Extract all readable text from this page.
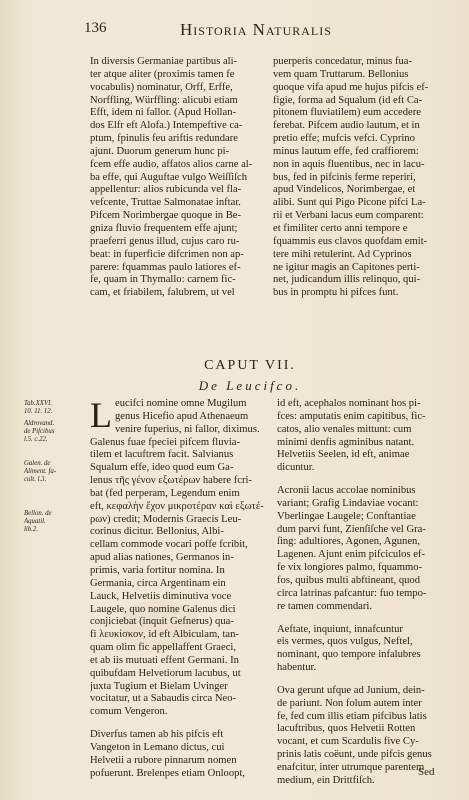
136	Historia Naturalis
In diversis Germaniae partibus ali-
ter atque aliter (proximis tamen fe
vocabulis) nominatur, Orff, Erffe,
Norffling, Würffling: alicubi etiam
Efft, idem ni fallor. (Apud Hollan-
dos Elfr eft Alofa.) Intempeftive ca-
ptum, fpinulis feu ariftis redundare
ajunt. Duorum generum hunc pi-
fcem effe audio, affatos alios carne al-
ba effe, qui Auguftae vulgo Weiſſiſch
appellentur: alios rubicunda vel fla-
vefcente, Truttae Salmonatae inftar.
Pifcem Norimbergae quoque in Be-
gniza fluvio frequentem effe ajunt;
praeferri genus illud, cujus caro ru-
beat: in fuperficie difcrimen non ap-
parere: fquammas paulo latiores ef-
fe, quam in Thymallo: carnem fic-
cam, et friabilem, falubrem, ut vel
puerperis concedatur, minus fua-
vem quam Truttarum. Bellonius
quoque vifa apud me hujus pifcis ef-
figie, forma ad Squalum (id eft Ca-
pitonem fluviatilem) eum accedere
ferebat. Pifcem audio lautum, et in
pretio effe; mufcis vefci. Cyprino
minus lautum effe, fed craffiorem:
non in aquis fluentibus, nec in lacu-
bus, fed in pifcinis ferme reperiri,
apud Vindelicos, Norimbergae, et
alibi. Sunt qui Pigo Picone pifci La-
rii et Verbani lacus eum comparent:
et fimiliter certo anni tempore e
fquammis eus clavos quofdam emit-
tere mihi retulerint. Ad Cyprinos
ne igitur magis an Capitones perti-
net, judicandum illis relinquo, qui-
bus in promptu hi pifces funt.
CAPUT VII.
De Leucifco.
Tab.XXVI.
10. 11. 12.
Aldrovand.
de Pifcibus
l.5. c.22.
Galen. de
Aliment. fa-
cult. l.3.
Bellon. de
Aquatil.
lib.2.
L eucifci nomine omne Mugilum
genus Hicefio apud Athenaeum
venire fuperius, ni fallor, diximus.
Galenus fuae fpeciei pifcem fluvia-
tilem et lacuftrem facit. Salvianus
Squalum effe, ideo quod eum Ga-
lenus τῆς γένον εξωτέρων habere fcri-
bat (fed perperam, Legendum enim
eft, κεφαλὴν ἔχον μικροτέραν καὶ εξωτέ-
ρων) credit; Modernis Graecis Leu-
corinus dicitur. Bellonius, Albi-
cellam commode vocari poffe fcribit,
apud alias nationes, Germanos in-
primis, varia fortitur nomina. In
Germania, circa Argentinam ein
Lauck, Helvetiis diminutiva voce
Laugele, quo nomine Galenus dici
conjiciebat (inquit Gefnerus) qua-
fi λευκίσκον, id eft Albiculam, tan-
quam olim fic appellaffent Graeci,
et ab iis mutuati effent Germani. In
quibufdam Helvetiorum lacubus, ut
juxta Tugium et Bielam Uvinger
vocitatur, ut a Sabaudis circa Neo-
comum Vengeron.
Diverfus tamen ab his pifcis eft
Vangeton in Lemano dictus, cui
Helvetii a rubore pinnarum nomen
pofuerunt. Brelenpes etiam Onloopt,
id eft, acephalos nominant hos pi-
fces: amputatis enim capitibus, fic-
catos, alio venales mittunt: cum
minimi denfis agminibus natant.
Helvetiis Seelen, id eft, animae
dicuntur.
Acronii lacus accolae nominibus
variant; Grafig Lindaviae vocant:
Vberlingae Laugele; Conftantiae
dum parvi funt, Zienſiſche vel Gra-
ſing: adultiores, Agonen, Agunen,
Lagenen. Ajunt enim pifciculos ef-
fe vix longiores palmo, fquammo-
fos, quibus multi abftineant, quod
circa latrinas pafcantur: fuo tempo-
re tamen commendari.
Aeftate, inquiunt, innafcuntur
eis vermes, quos vulgus, Neftel,
nominant, quo tempore infalubres
habentur.
Ova gerunt ufque ad Junium, dein-
de pariunt. Non folum autem inter
fe, fed cum illis etiam pifcibus latis
lacuftribus, quos Helvetii Rotten
vocant, et cum Scardulis five Cy-
prinis latis coëunt, unde pifcis genus
enafcitur, inter utrumque parentem
medium, ein Drittfiſch.
Sed
